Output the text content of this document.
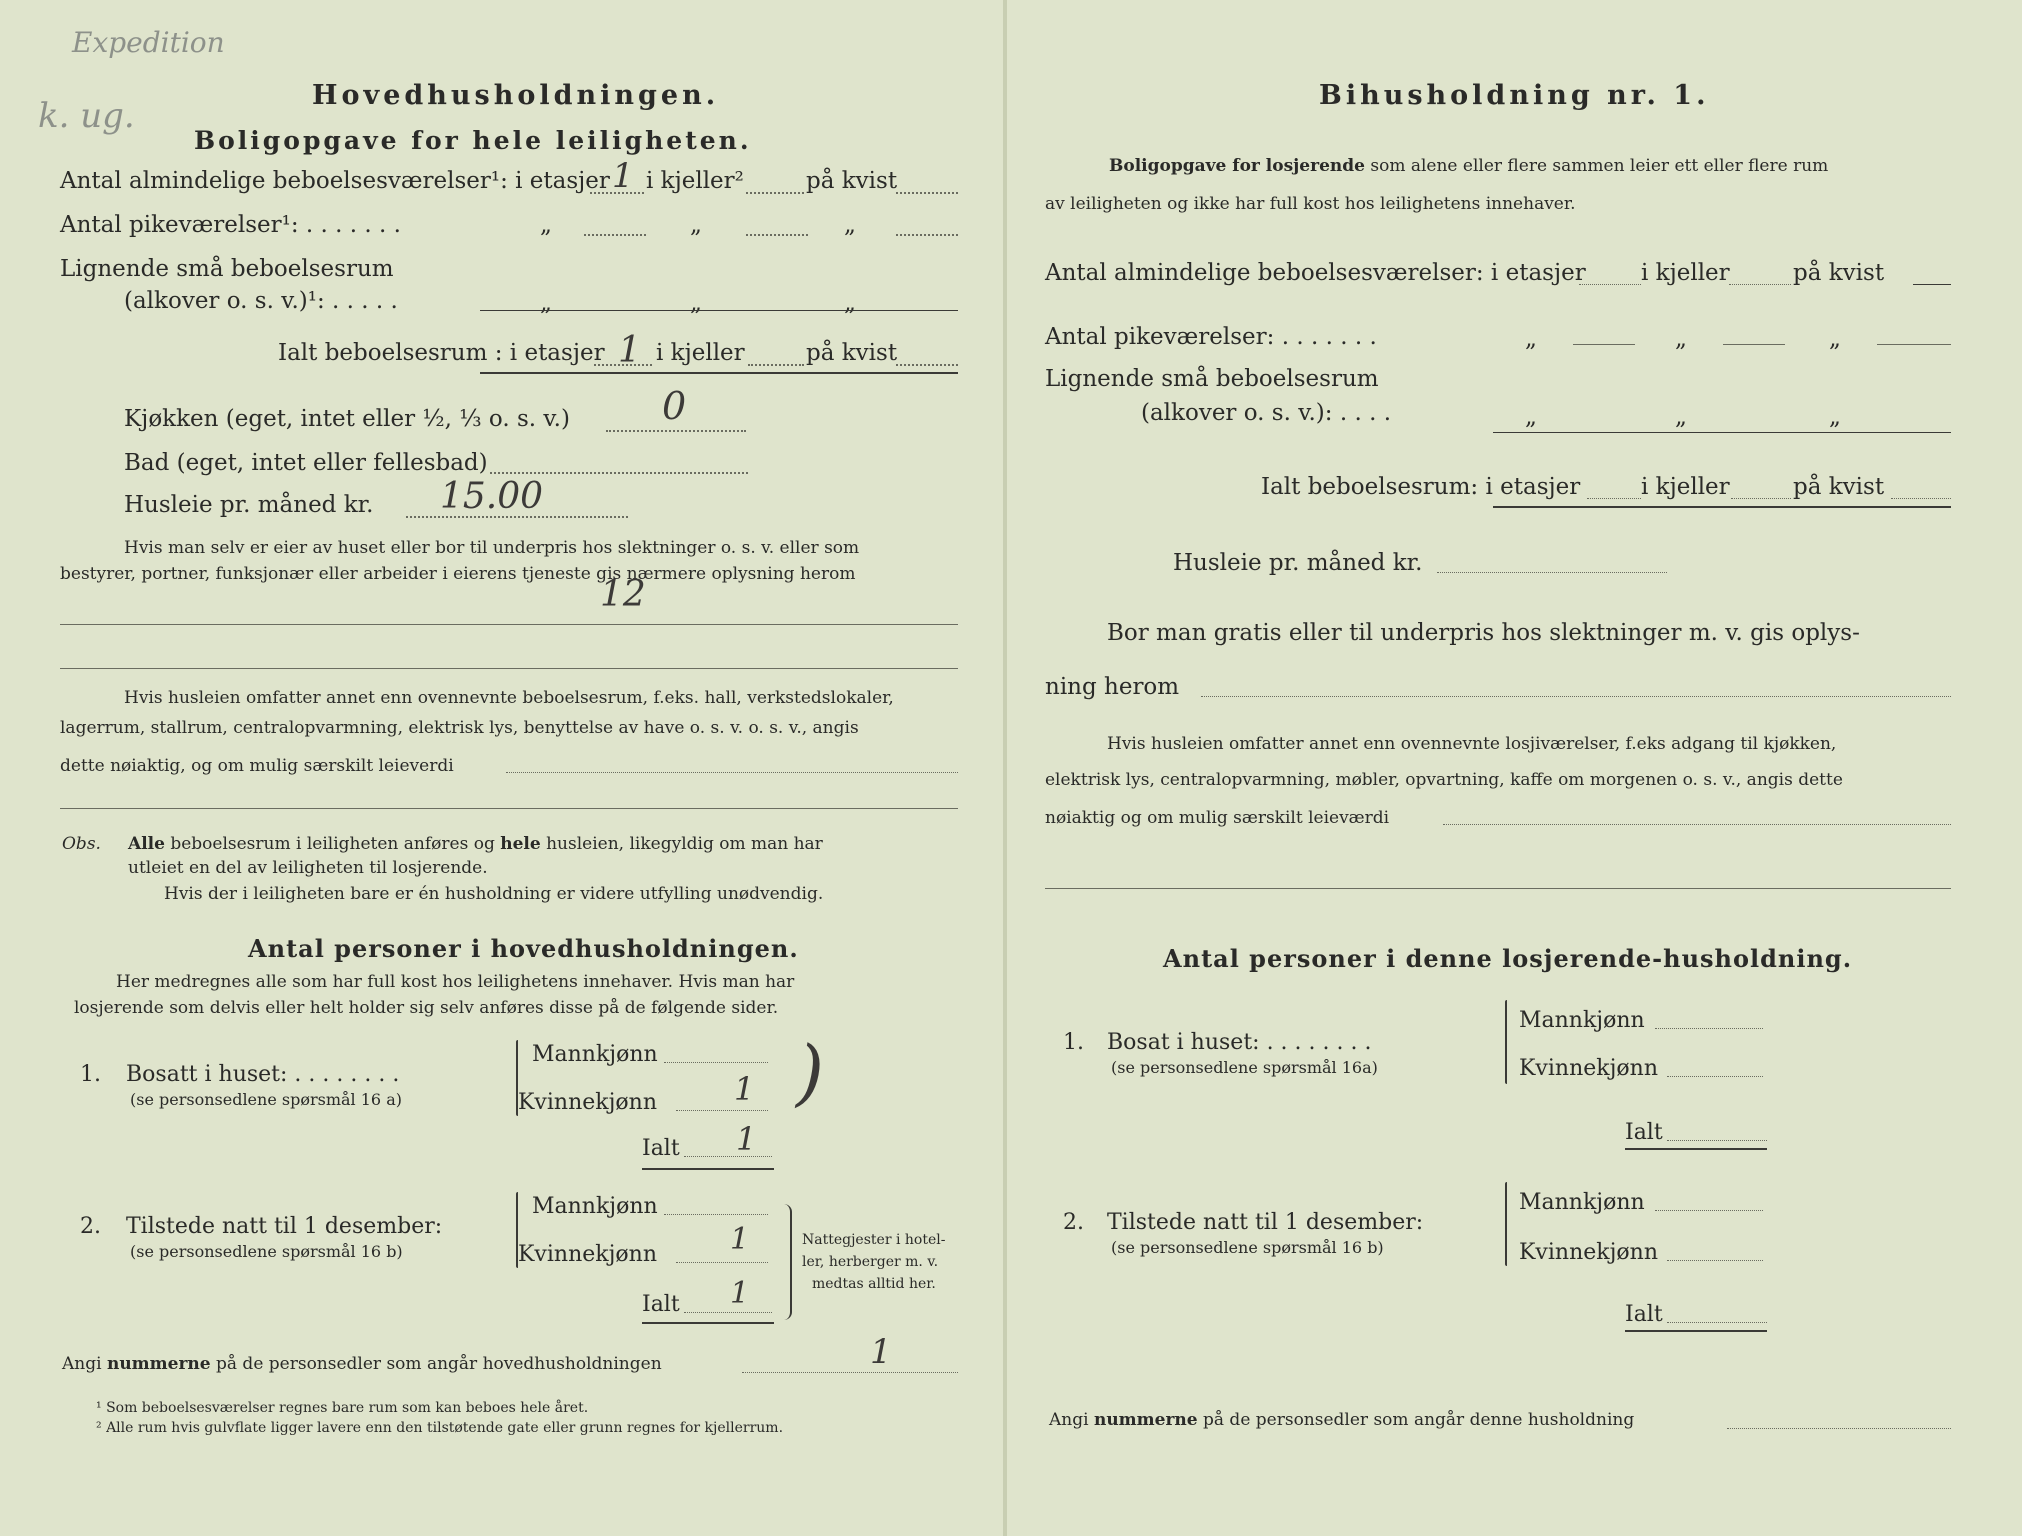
Expedition
k. ug.
Hovedhusholdningen.
Boligopgave for hele leiligheten.
Antal almindelige beboelsesværelser¹: i etasjer 1 i kjeller²	på kvist
Antal pikeværelser¹: . . . . . . .	„	„	„
Lignende små beboelsesrum
(alkover o. s. v.)¹: . . . . .	„	„	„
Ialt beboelsesrum : i etasjer 1 i kjeller	på kvist
Kjøkken (eget, intet eller ½, ⅓ o. s. v.) 0
Bad (eget, intet eller fellesbad)
Husleie pr. måned kr. 15.00
Hvis man selv er eier av huset eller bor til underpris hos slektninger o. s. v. eller som
bestyrer, portner, funksjonær eller arbeider i eierens tjeneste gis nærmere oplysning herom
12
Hvis husleien omfatter annet enn ovennevnte beboelsesrum, f.eks. hall, verkstedslokaler,
lagerrum, stallrum, centralopvarmning, elektrisk lys, benyttelse av have o. s. v. o. s. v., angis
dette nøiaktig, og om mulig særskilt leieverdi
Obs. Alle beboelsesrum i leiligheten anføres og hele husleien, likegyldig om man har
utleiet en del av leiligheten til losjerende.
Hvis der i leiligheten bare er én husholdning er videre utfylling unødvendig.
Antal personer i hovedhusholdningen.
Her medregnes alle som har full kost hos leilighetens innehaver. Hvis man har
losjerende som delvis eller helt holder sig selv anføres disse på de følgende sider.
1. Bosatt i huset: . . . . . . . .
(se personsedlene spørsmål 16 a)
Mannkjønn
Kvinnekjønn 1 )
Ialt 1
2. Tilstede natt til 1 desember:
(se personsedlene spørsmål 16 b)
Mannkjønn
Kvinnekjønn 1
Ialt 1
Nattegjester i hotel-
ler, herberger m. v.
medtas alltid her.
Angi nummerne på de personsedler som angår hovedhusholdningen	1
¹ Som beboelsesværelser regnes bare rum som kan beboes hele året.
² Alle rum hvis gulvflate ligger lavere enn den tilstøtende gate eller grunn regnes for kjellerrum.
Bihusholdning nr. 1.
Boligopgave for losjerende som alene eller flere sammen leier ett eller flere rum
av leiligheten og ikke har full kost hos leilighetens innehaver.
Antal almindelige beboelsesværelser: i etasjer i kjeller	på kvist
Antal pikeværelser: . . . . . . .	„	„	„
Lignende små beboelsesrum
(alkover o. s. v.): . . . .	„	„	„
Ialt beboelsesrum: i etasjer	i kjeller	på kvist
Husleie pr. måned kr.
Bor man gratis eller til underpris hos slektninger m. v. gis oplys-
ning herom
Hvis husleien omfatter annet enn ovennevnte losjiværelser, f.eks adgang til kjøkken,
elektrisk lys, centralopvarmning, møbler, opvartning, kaffe om morgenen o. s. v., angis dette
nøiaktig og om mulig særskilt leieværdi
Antal personer i denne losjerende-husholdning.
1. Bosat i huset: . . . . . . . .
(se personsedlene spørsmål 16a)
Mannkjønn
Kvinnekjønn
Ialt
2. Tilstede natt til 1 desember:
(se personsedlene spørsmål 16 b)
Mannkjønn
Kvinnekjønn
Ialt
Angi nummerne på de personsedler som angår denne husholdning
